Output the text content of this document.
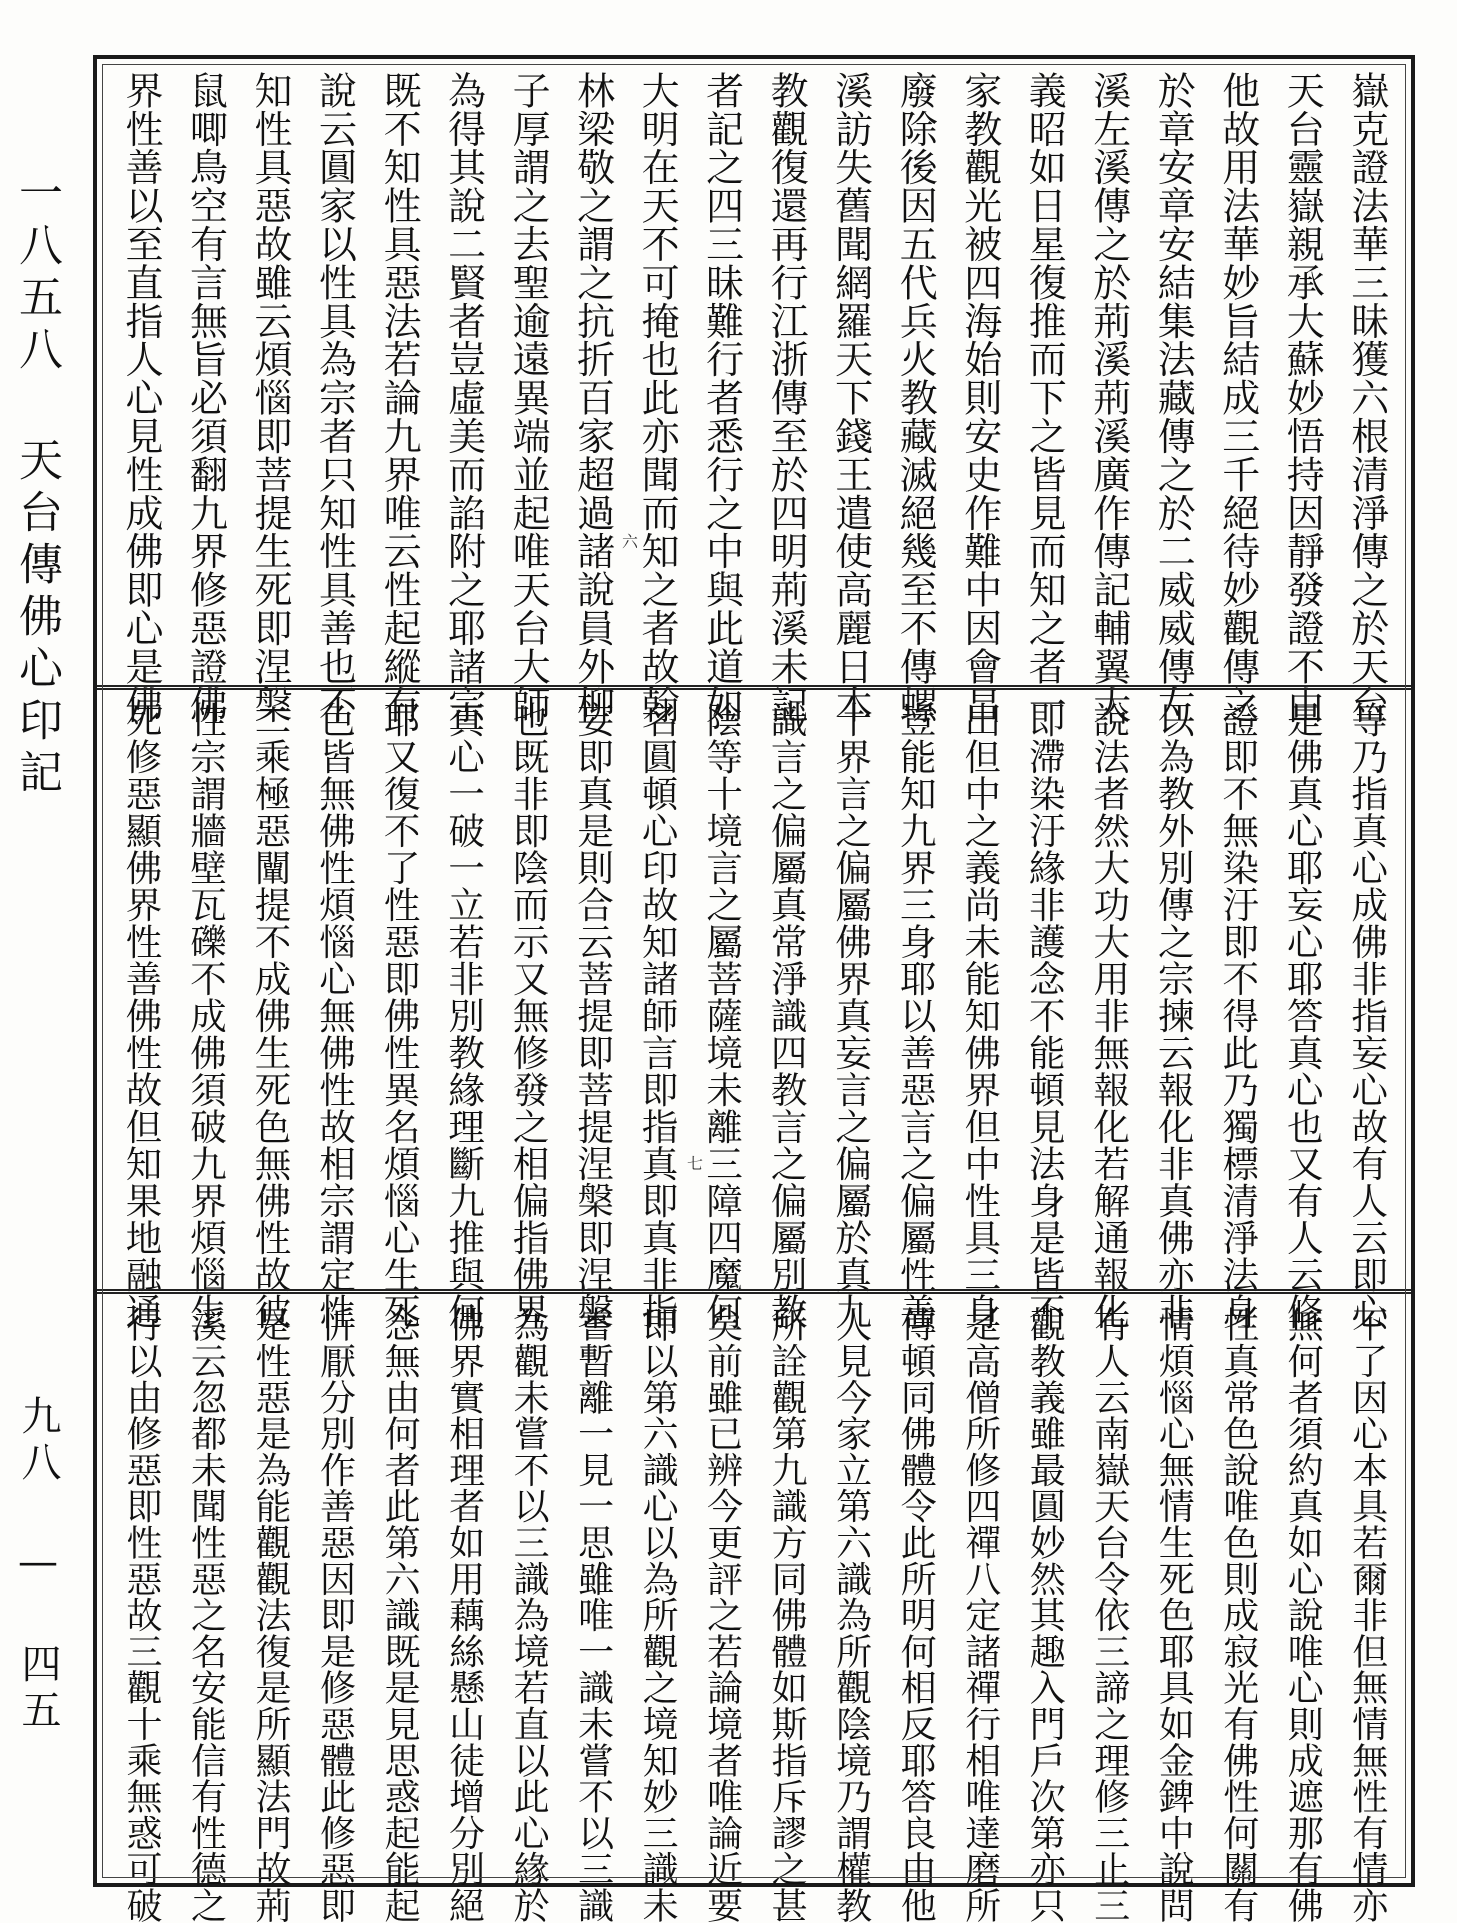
一八五八 天台傳佛心印記
九八 — 四五
嶽克證法華三昧獲六根清淨傳之於天台
天台靈嶽親承大蘇妙悟持因靜發證不由
他故用法華妙旨結成三千絕待妙觀傳之
於章安章安結集法藏傳之於二威威傳左
溪左溪傳之於荊溪荊溪廣作傳記輔翼大
義昭如日星復推而下之皆見而知之者一
家教觀光被四海始則安史作難中因會昌
廢除後因五代兵火教藏滅絕幾至不傳螺
溪訪失舊聞網羅天下錢王遣使高麗日本
教觀復還再行江浙傳至於四明荊溪未記
者記之四三昧難行者悉行之中與此道如
大明在天不可掩也此亦聞而知之者故翰
林梁敬之謂之抗折百家超過諸說員外柳
子厚謂之去聖逾遠異端並起唯天台大師
為得其說二賢者豈虛美而諂附之耶諸宗
既不知性具惡法若論九界唯云性起縱有
說云圓家以性具為宗者只知性具善也不
知性具惡故雖云煩惱即菩提生死即涅槃
鼠唧鳥空有言無旨必須翻九界修惡證佛
界性善以至直指人心見性成佛即心是佛
等乃指真心成佛非指妄心故有人云即心
是佛真心耶妄心耶答真心也又有人云修
證即不無染汙即不得此乃獨標清淨法身
以為教外別傳之宗揀云報化非真佛亦非
說法者然大功大用非無報化若解通報化
即滯染汙緣非護念不能頓見法身是皆不
出但中之義尚未能知佛界但中性具三身
豈能知九界三身耶以善惡言之偏屬性善
十界言之偏屬佛界真妄言之偏屬於真九
識言之偏屬真常淨識四教言之偏屬別教
陰等十境言之屬菩薩境未離三障四魔何
名圓頓心印故知諸師言即指真即真非指
妄即真是則合云菩提即菩提涅槃即涅槃
也既非即陰而示又無修發之相偏指佛界
真心一破一立若非別教緣理斷九推與何
耶又復不了性惡即佛性異名煩惱心生死
色皆無佛性煩惱心無佛性故相宗謂定性
二乘極惡闡提不成佛生死色無佛性故彼
性宗謂牆壁瓦礫不成佛須破九界煩惱生
死修惡顯佛界性善佛性故但知果地融通
不了因心本具若爾非但無情無性有情亦
無何者須約真如心說唯心則成遮那有佛
性真常色說唯色則成寂光有佛性何關有
情煩惱心無情生死色耶具如金錍中說問
有人云南嶽天台令依三諦之理修三止三
觀教義雖最圓妙然其趣入門戶次第亦只
是高僧所修四禪八定諸禪行相唯達磨所
傳頓同佛體令此所明何相反耶答良由他
人見今家立第六識為所觀陰境乃謂權教
所詮觀第九識方同佛體如斯指斥謬之甚
矣前雖已辨今更評之若論境者唯論近要
即以第六識心以為所觀之境知妙三識未
嘗暫離一見一思雖唯一識未嘗不以三識
為觀未嘗不以三識為境若直以此心緣於
佛界實相理者如用藕絲懸山徒增分別絕
念無由何者此第六識既是見思惑起能起
忻厭分別作善惡因即是修惡體此修惡即
是性惡是為能觀觀法復是所顯法門故荊
溪云忽都未聞性惡之名安能信有性德之
行以由修惡即性惡故三觀十乘無惑可破
六
七
